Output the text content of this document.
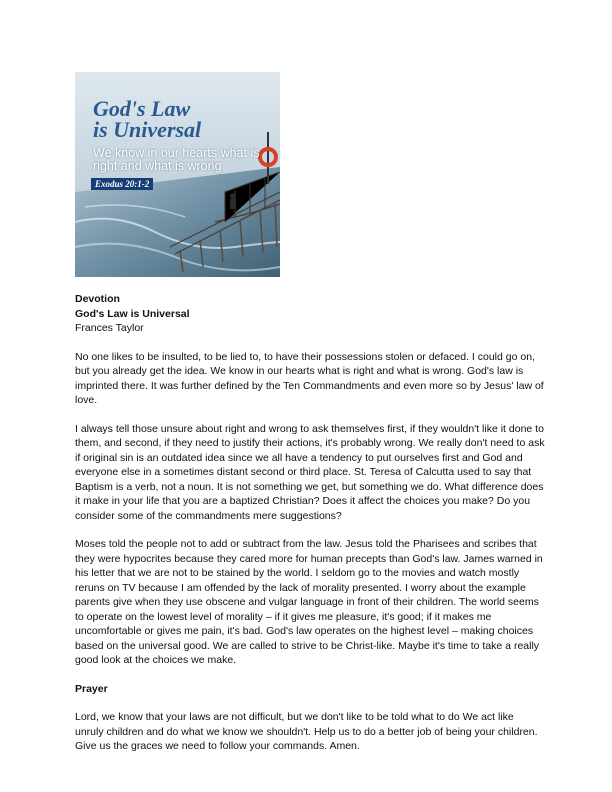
God's Law
is Universal
We know in our hearts what is right and what is wrong
Exodus 20:1-2

Devotion

God's Law is Universal

Frances Taylor

No one likes to be insulted, to be lied to, to have their possessions stolen or defaced. I could go on, but you already get the idea. We know in our hearts what is right and what is wrong. God's law is imprinted there. It was further defined by the Ten Commandments and even more so by Jesus' law of love.

I always tell those unsure about right and wrong to ask themselves first, if they wouldn't like it done to them, and second, if they need to justify their actions, it's probably wrong. We really don't need to ask if original sin is an outdated idea since we all have a tendency to put ourselves first and God and everyone else in a sometimes distant second or third place. St. Teresa of Calcutta used to say that Baptism is a verb, not a noun. It is not something we get, but something we do. What difference does it make in your life that you are a baptized Christian? Does it affect the choices you make? Do you consider some of the commandments mere suggestions?

Moses told the people not to add or subtract from the law. Jesus told the Pharisees and scribes that they were hypocrites because they cared more for human precepts than God's law. James warned in his letter that we are not to be stained by the world. I seldom go to the movies and watch mostly reruns on TV because I am offended by the lack of morality presented. I worry about the example parents give when they use obscene and vulgar language in front of their children. The world seems to operate on the lowest level of morality – if it gives me pleasure, it's good; if it makes me uncomfortable or gives me pain, it's bad. God's law operates on the highest level – making choices based on the universal good. We are called to strive to be Christ-like. Maybe it's time to take a really good look at the choices we make.

Prayer

Lord, we know that your laws are not difficult, but we don't like to be told what to do We act like unruly children and do what we know we shouldn't. Help us to do a better job of being your children. Give us the graces we need to follow your commands. Amen.
